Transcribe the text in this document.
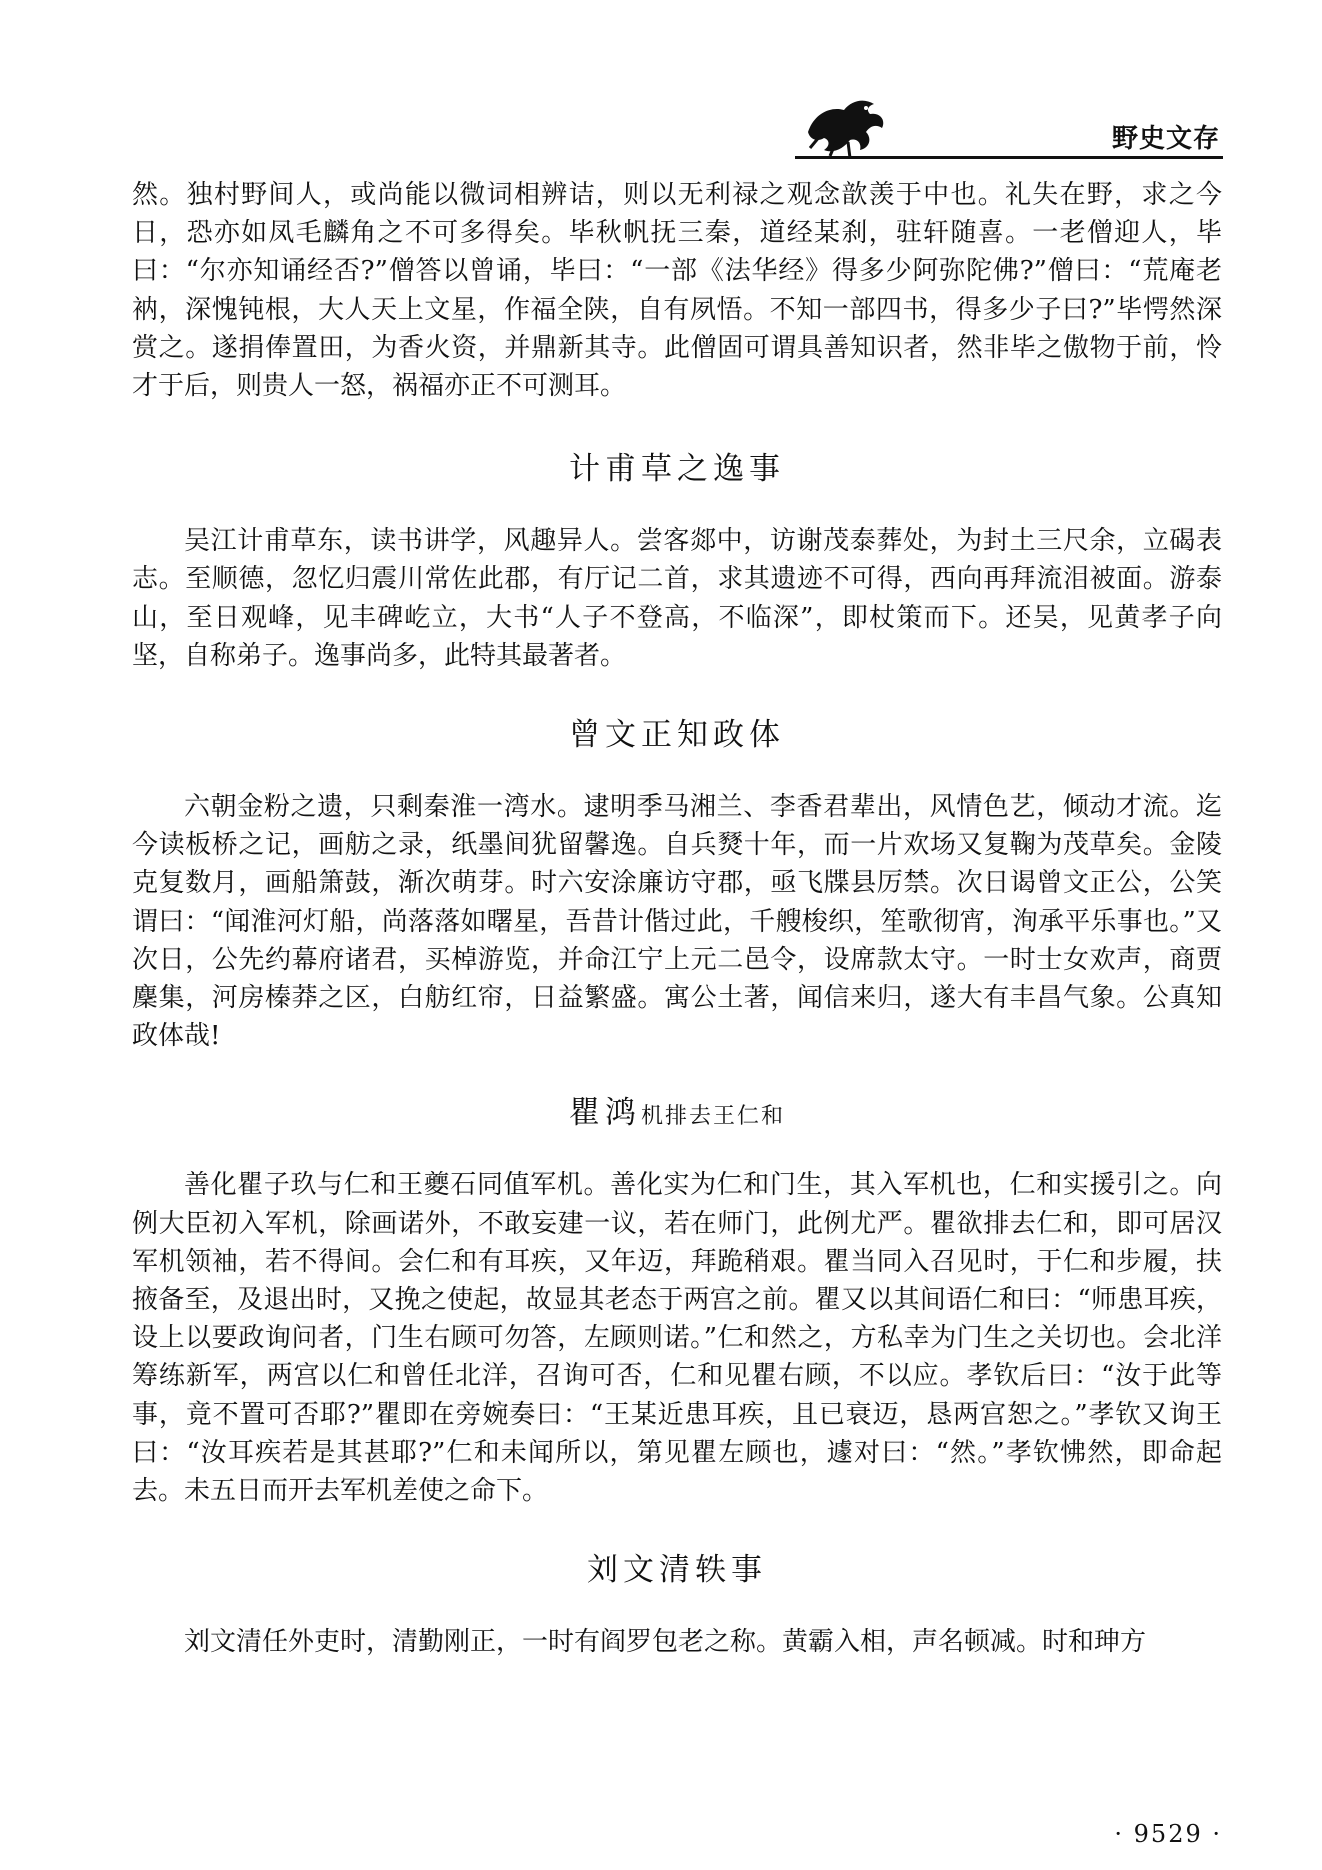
野史文存

然。独村野间人，或尚能以微词相辨诘，则以无利禄之观念歆羡于中也。礼失在野，求之今日，恐亦如凤毛麟角之不可多得矣。毕秋帆抚三秦，道经某刹，驻轩随喜。一老僧迎人，毕曰：“尔亦知诵经否?”僧答以曾诵，毕曰：“一部《法华经》得多少阿弥陀佛?”僧曰：“荒庵老衲，深愧钝根，大人天上文星，作福全陕，自有夙悟。不知一部四书，得多少子曰?”毕愕然深赏之。遂捐俸置田，为香火资，并鼎新其寺。此僧固可谓具善知识者，然非毕之傲物于前，怜才于后，则贵人一怒，祸福亦正不可测耳。

计甫草之逸事

吴江计甫草东，读书讲学，风趣异人。尝客郯中，访谢茂泰葬处，为封土三尺余，立碣表志。至顺德，忽忆归震川常佐此郡，有厅记二首，求其遗迹不可得，西向再拜流泪被面。游泰山，至日观峰，见丰碑屹立，大书“人子不登高，不临深”，即杖策而下。还吴，见黄孝子向坚，自称弟子。逸事尚多，此特其最著者。

曾文正知政体

六朝金粉之遗，只剩秦淮一湾水。逮明季马湘兰、李香君辈出，风情色艺，倾动才流。迄今读板桥之记，画舫之录，纸墨间犹留馨逸。自兵燹十年，而一片欢场又复鞠为茂草矣。金陵克复数月，画船箫鼓，渐次萌芽。时六安涂廉访守郡，亟飞牒县厉禁。次日谒曾文正公，公笑谓曰：“闻淮河灯船，尚落落如曙星，吾昔计偕过此，千艘梭织，笙歌彻宵，洵承平乐事也。”又次日，公先约幕府诸君，买棹游览，并命江宁上元二邑令，设席款太守。一时士女欢声，商贾麇集，河房榛莽之区，白舫红帘，日益繁盛。寓公土著，闻信来归，遂大有丰昌气象。公真知政体哉!

瞿鸿机排去王仁和

善化瞿子玖与仁和王夔石同值军机。善化实为仁和门生，其入军机也，仁和实援引之。向例大臣初入军机，除画诺外，不敢妄建一议，若在师门，此例尤严。瞿欲排去仁和，即可居汉军机领袖，若不得间。会仁和有耳疾，又年迈，拜跪稍艰。瞿当同入召见时，于仁和步履，扶掖备至，及退出时，又挽之使起，故显其老态于两宫之前。瞿又以其间语仁和曰：“师患耳疾，设上以要政询问者，门生右顾可勿答，左顾则诺。”仁和然之，方私幸为门生之关切也。会北洋筹练新军，两宫以仁和曾任北洋，召询可否，仁和见瞿右顾，不以应。孝钦后曰：“汝于此等事，竟不置可否耶?”瞿即在旁婉奏曰：“王某近患耳疾，且已衰迈，恳两宫恕之。”孝钦又询王曰：“汝耳疾若是其甚耶?”仁和未闻所以，第见瞿左顾也，遽对曰：“然。”孝钦怫然，即命起去。未五日而开去军机差使之命下。

刘文清轶事

刘文清任外吏时，清勤刚正，一时有阎罗包老之称。黄霸入相，声名顿减。时和珅方

· 9529 ·
